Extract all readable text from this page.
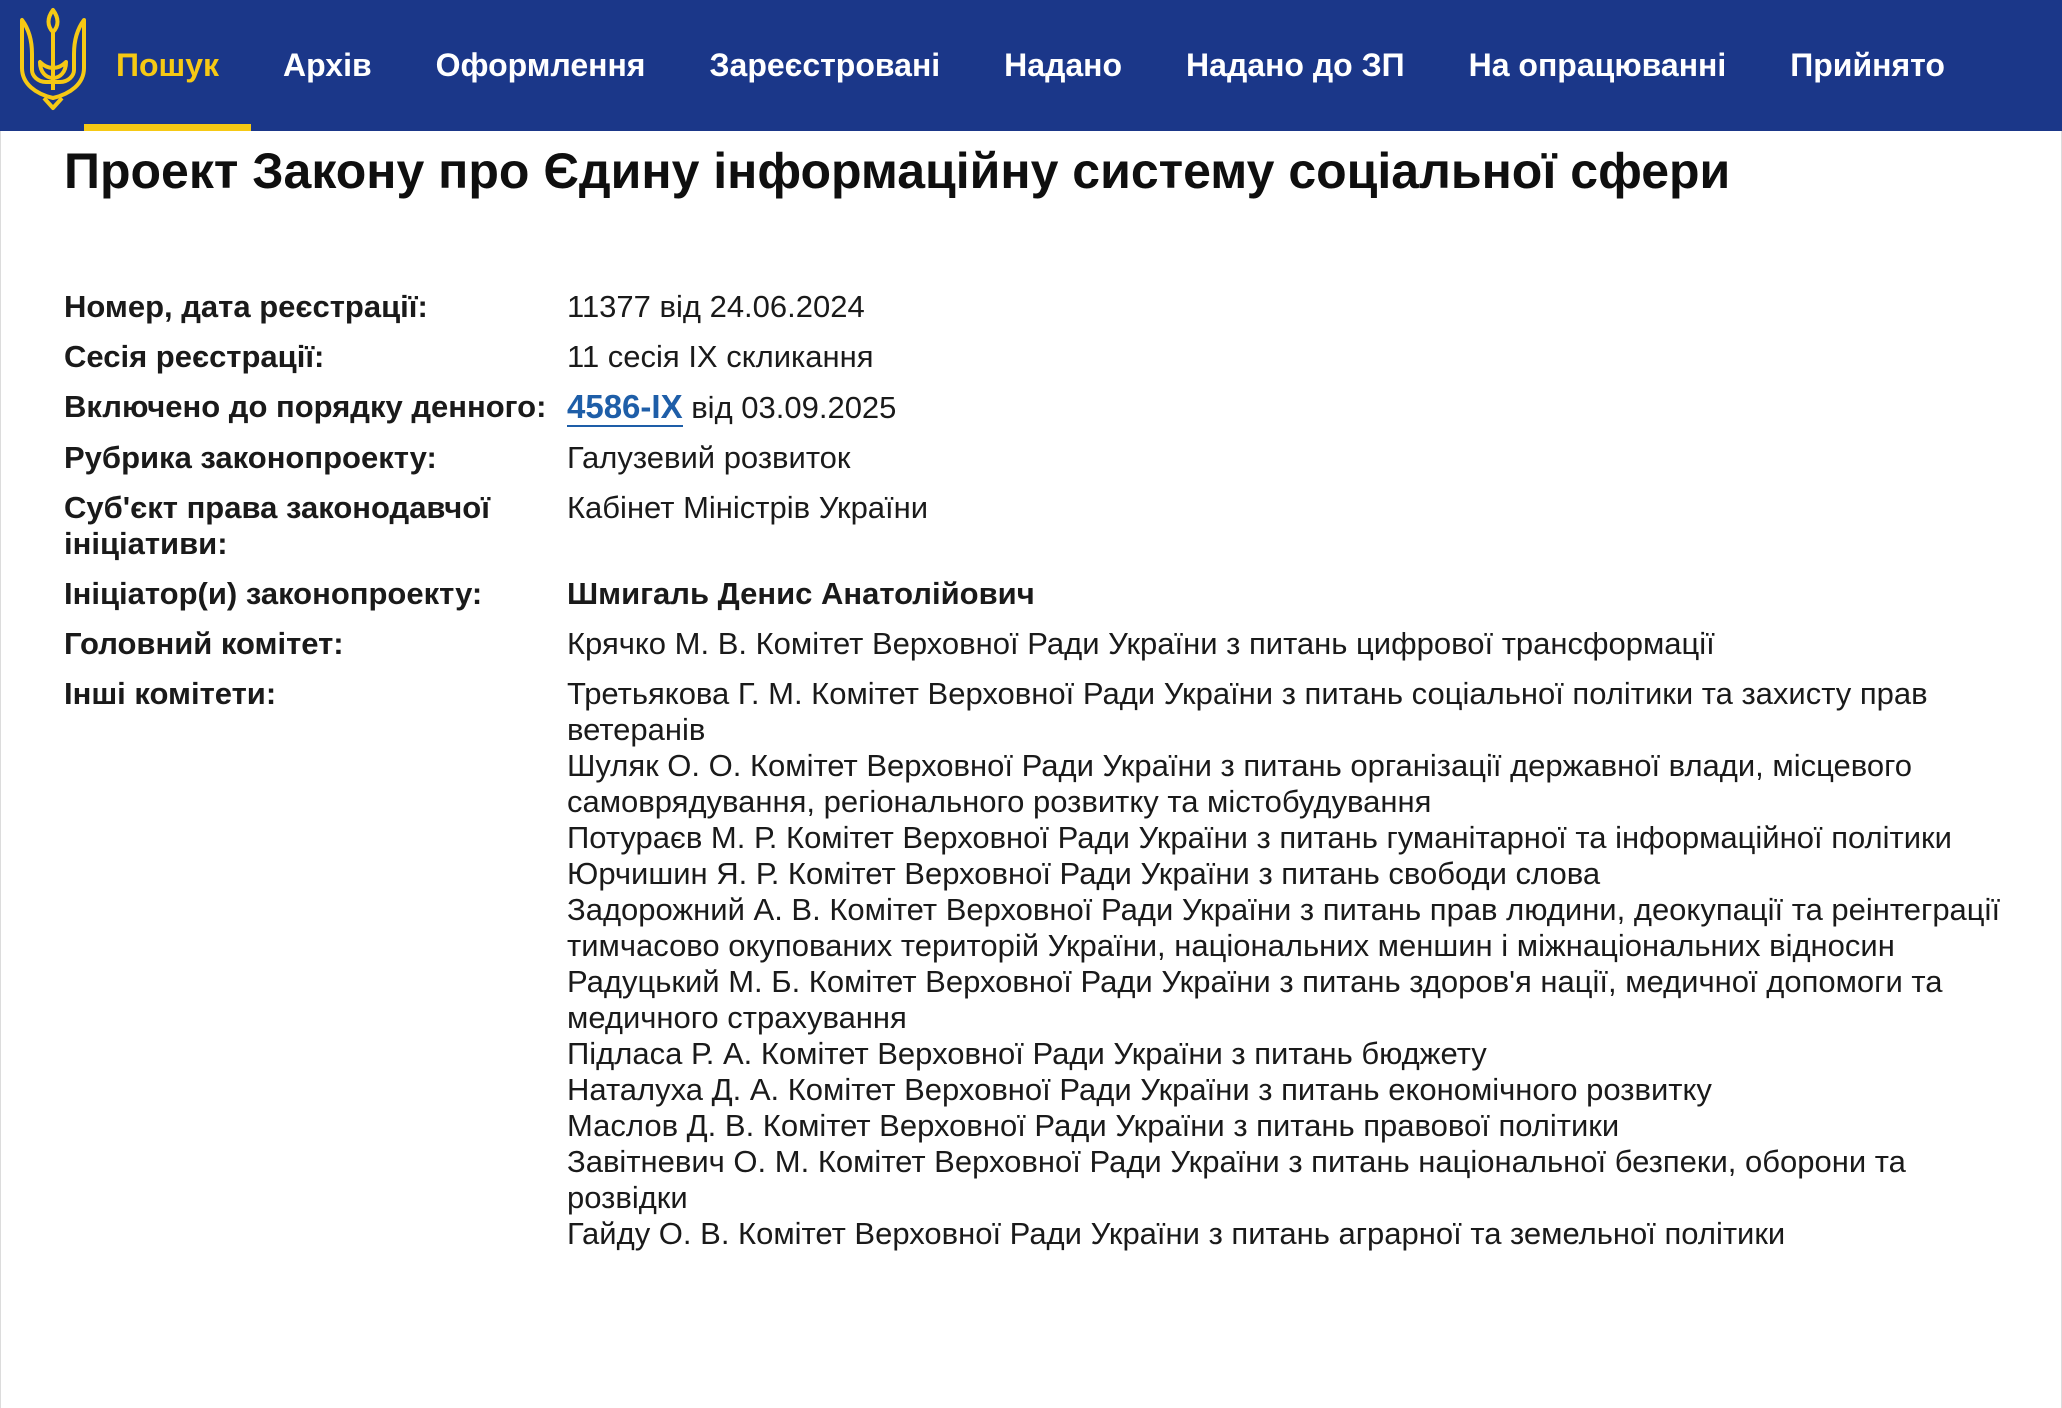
Пошук Архів Оформлення Зареєстровані Надано Надано до ЗП На опрацюванні Прийнято
Проект Закону про Єдину інформаційну систему соціальної сфери
Номер, дата реєстрації:	11377 від 24.06.2024
Сесія реєстрації:	11 сесія IX скликання
Включено до порядку денного: 4586-IX від 03.09.2025
Рубрика законопроекту:	Галузевий розвиток
Суб'єкт права законодавчої ініціативи:
Кабінет Міністрів України
Ініціатор(и) законопроекту:	Шмигаль Денис Анатолійович
Головний комітет:	Крячко М. В. Комітет Верховної Ради України з питань цифрової трансформації
Інші комітети:	Третьякова Г. М. Комітет Верховної Ради України з питань соціальної політики та захисту прав ветеранів
Шуляк О. О. Комітет Верховної Ради України з питань організації державної влади, місцевого самоврядування, регіонального розвитку та містобудування
Потураєв М. Р. Комітет Верховної Ради України з питань гуманітарної та інформаційної політики
Юрчишин Я. Р. Комітет Верховної Ради України з питань свободи слова
Задорожний А. В. Комітет Верховної Ради України з питань прав людини, деокупації та реінтеграції тимчасово окупованих територій України, національних меншин і міжнаціональних відносин
Радуцький М. Б. Комітет Верховної Ради України з питань здоров'я нації, медичної допомоги та медичного страхування
Підласа Р. А. Комітет Верховної Ради України з питань бюджету
Наталуха Д. А. Комітет Верховної Ради України з питань економічного розвитку
Маслов Д. В. Комітет Верховної Ради України з питань правової політики
Завітневич О. М. Комітет Верховної Ради України з питань національної безпеки, оборони та розвідки
Гайду О. В. Комітет Верховної Ради України з питань аграрної та земельної політики
